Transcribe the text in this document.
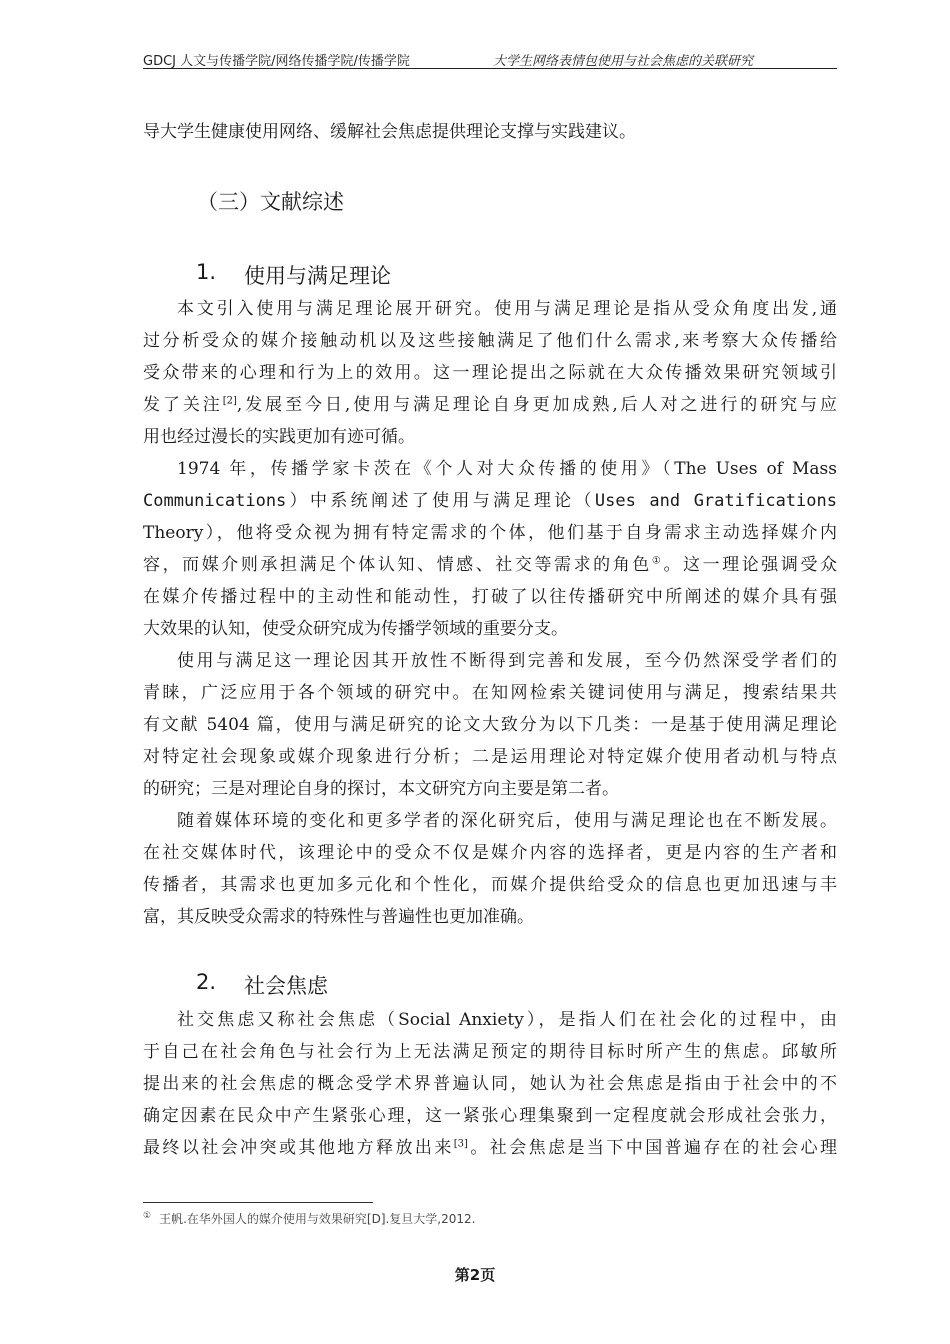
GDCJ 人文与传播学院/网络传播学院/传播学院	大学生网络表情包使用与社会焦虑的关联研究
导大学生健康使用网络、缓解社会焦虑提供理论支撑与实践建议。
（三）文献综述
1. 使用与满足理论
本文引入使用与满足理论展开研究。使用与满足理论是指从受众角度出发,通
过分析受众的媒介接触动机以及这些接触满足了他们什么需求,来考察大众传播给
受众带来的心理和行为上的效用。这一理论提出之际就在大众传播效果研究领域引
发了关注[2],发展至今日,使用与满足理论自身更加成熟,后人对之进行的研究与应
用也经过漫长的实践更加有迹可循。
1974 年，传播学家卡茨在《个人对大众传播的使用》（The Uses of Mass
Communications）中系统阐述了使用与满足理论（Uses and Gratifications
Theory），他将受众视为拥有特定需求的个体，他们基于自身需求主动选择媒介内
容，而媒介则承担满足个体认知、情感、社交等需求的角色①。这一理论强调受众
在媒介传播过程中的主动性和能动性，打破了以往传播研究中所阐述的媒介具有强
大效果的认知，使受众研究成为传播学领域的重要分支。
使用与满足这一理论因其开放性不断得到完善和发展，至今仍然深受学者们的
青睐，广泛应用于各个领域的研究中。在知网检索关键词使用与满足，搜索结果共
有文献 5404 篇，使用与满足研究的论文大致分为以下几类：一是基于使用满足理论
对特定社会现象或媒介现象进行分析；二是运用理论对特定媒介使用者动机与特点
的研究；三是对理论自身的探讨，本文研究方向主要是第二者。
随着媒体环境的变化和更多学者的深化研究后，使用与满足理论也在不断发展。
在社交媒体时代，该理论中的受众不仅是媒介内容的选择者，更是内容的生产者和
传播者，其需求也更加多元化和个性化，而媒介提供给受众的信息也更加迅速与丰
富，其反映受众需求的特殊性与普遍性也更加准确。
2. 社会焦虑
社交焦虑又称社会焦虑（Social Anxiety），是指人们在社会化的过程中，由
于自己在社会角色与社会行为上无法满足预定的期待目标时所产生的焦虑。邱敏所
提出来的社会焦虑的概念受学术界普遍认同，她认为社会焦虑是指由于社会中的不
确定因素在民众中产生紧张心理，这一紧张心理集聚到一定程度就会形成社会张力，
最终以社会冲突或其他地方释放出来[3]。社会焦虑是当下中国普遍存在的社会心理
① 王帆.在华外国人的媒介使用与效果研究[D].复旦大学,2012.
第2页
